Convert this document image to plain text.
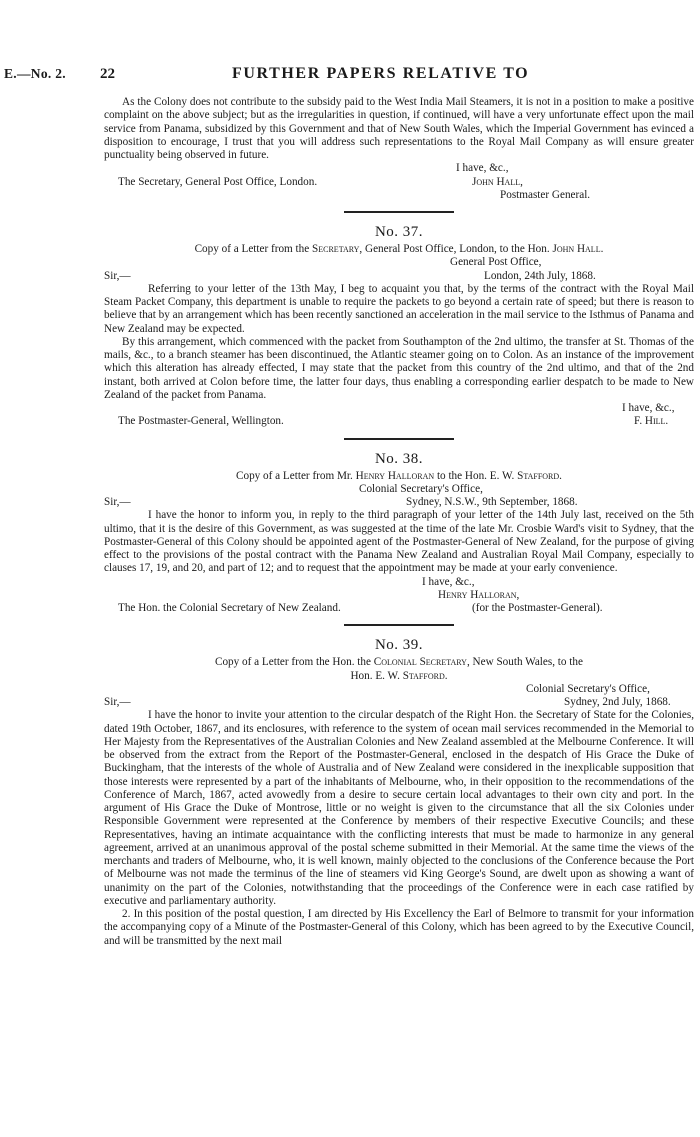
E.—No. 2. 22	FURTHER PAPERS RELATIVE TO

As the Colony does not contribute to the subsidy paid to the West India Mail Steamers, it is not in a position to make a positive complaint on the above subject; but as the irregularities in question, if continued, will have a very unfortunate effect upon the mail service from Panama, subsidized by this Government and that of New South Wales, which the Imperial Government has evinced a disposition to encourage, I trust that you will address such representations to the Royal Mail Company as will ensure greater punctuality being observed in future.

I have, &c.,
The Secretary, General Post Office, London.	John Hall,
Postmaster General.
No. 37.

Copy of a Letter from the Secretary, General Post Office, London, to the Hon. John Hall.

General Post Office,
Sir,—	London, 24th July, 1868.

Referring to your letter of the 13th May, I beg to acquaint you that, by the terms of the contract with the Royal Mail Steam Packet Company, this department is unable to require the packets to go beyond a certain rate of speed; but there is reason to believe that by an arrangement which has been recently sanctioned an acceleration in the mail service to the Isthmus of Panama and New Zealand may be expected.

By this arrangement, which commenced with the packet from Southampton of the 2nd ultimo, the transfer at St. Thomas of the mails, &c., to a branch steamer has been discontinued, the Atlantic steamer going on to Colon. As an instance of the improvement which this alteration has already effected, I may state that the packet from this country of the 2nd ultimo, and that of the 2nd instant, both arrived at Colon before time, the latter four days, thus enabling a corresponding earlier despatch to be made to New Zealand of the packet from Panama.

I have, &c.,
The Postmaster-General, Wellington.	F. Hill.
No. 38.

Copy of a Letter from Mr. Henry Halloran to the Hon. E. W. Stafford.

Colonial Secretary's Office,
Sir,—	Sydney, N.S.W., 9th September, 1868.

I have the honor to inform you, in reply to the third paragraph of your letter of the 14th July last, received on the 5th ultimo, that it is the desire of this Government, as was suggested at the time of the late Mr. Crosbie Ward's visit to Sydney, that the Postmaster-General of this Colony should be appointed agent of the Postmaster-General of New Zealand, for the purpose of giving effect to the provisions of the postal contract with the Panama New Zealand and Australian Royal Mail Company, especially to clauses 17, 19, and 20, and part of 12; and to request that the appointment may be made at your early convenience.

I have, &c.,
Henry Halloran,
The Hon. the Colonial Secretary of New Zealand.	(for the Postmaster-General).
No. 39.

Copy of a Letter from the Hon. the Colonial Secretary, New South Wales, to the

Hon. E. W. Stafford.

Colonial Secretary's Office,
Sir,—	Sydney, 2nd July, 1868.

I have the honor to invite your attention to the circular despatch of the Right Hon. the Secretary of State for the Colonies, dated 19th October, 1867, and its enclosures, with reference to the system of ocean mail services recommended in the Memorial to Her Majesty from the Representatives of the Australian Colonies and New Zealand assembled at the Melbourne Conference. It will be observed from the extract from the Report of the Postmaster-General, enclosed in the despatch of His Grace the Duke of Buckingham, that the interests of the whole of Australia and of New Zealand were considered in the inexplicable supposition that those interests were represented by a part of the inhabitants of Melbourne, who, in their opposition to the recommendations of the Conference of March, 1867, acted avowedly from a desire to secure certain local advantages to their own city and port. In the argument of His Grace the Duke of Montrose, little or no weight is given to the circumstance that all the six Colonies under Responsible Government were represented at the Conference by members of their respective Executive Councils; and these Representatives, having an intimate acquaintance with the conflicting interests that must be made to harmonize in any general agreement, arrived at an unanimous approval of the postal scheme submitted in their Memorial. At the same time the views of the merchants and traders of Melbourne, who, it is well known, mainly objected to the conclusions of the Conference because the Port of Melbourne was not made the terminus of the line of steamers vid King George's Sound, are dwelt upon as showing a want of unanimity on the part of the Colonies, notwithstanding that the proceedings of the Conference were in each case ratified by executive and parliamentary authority.

2. In this position of the postal question, I am directed by His Excellency the Earl of Belmore to transmit for your information the accompanying copy of a Minute of the Postmaster-General of this Colony, which has been agreed to by the Executive Council, and will be transmitted by the next mail
